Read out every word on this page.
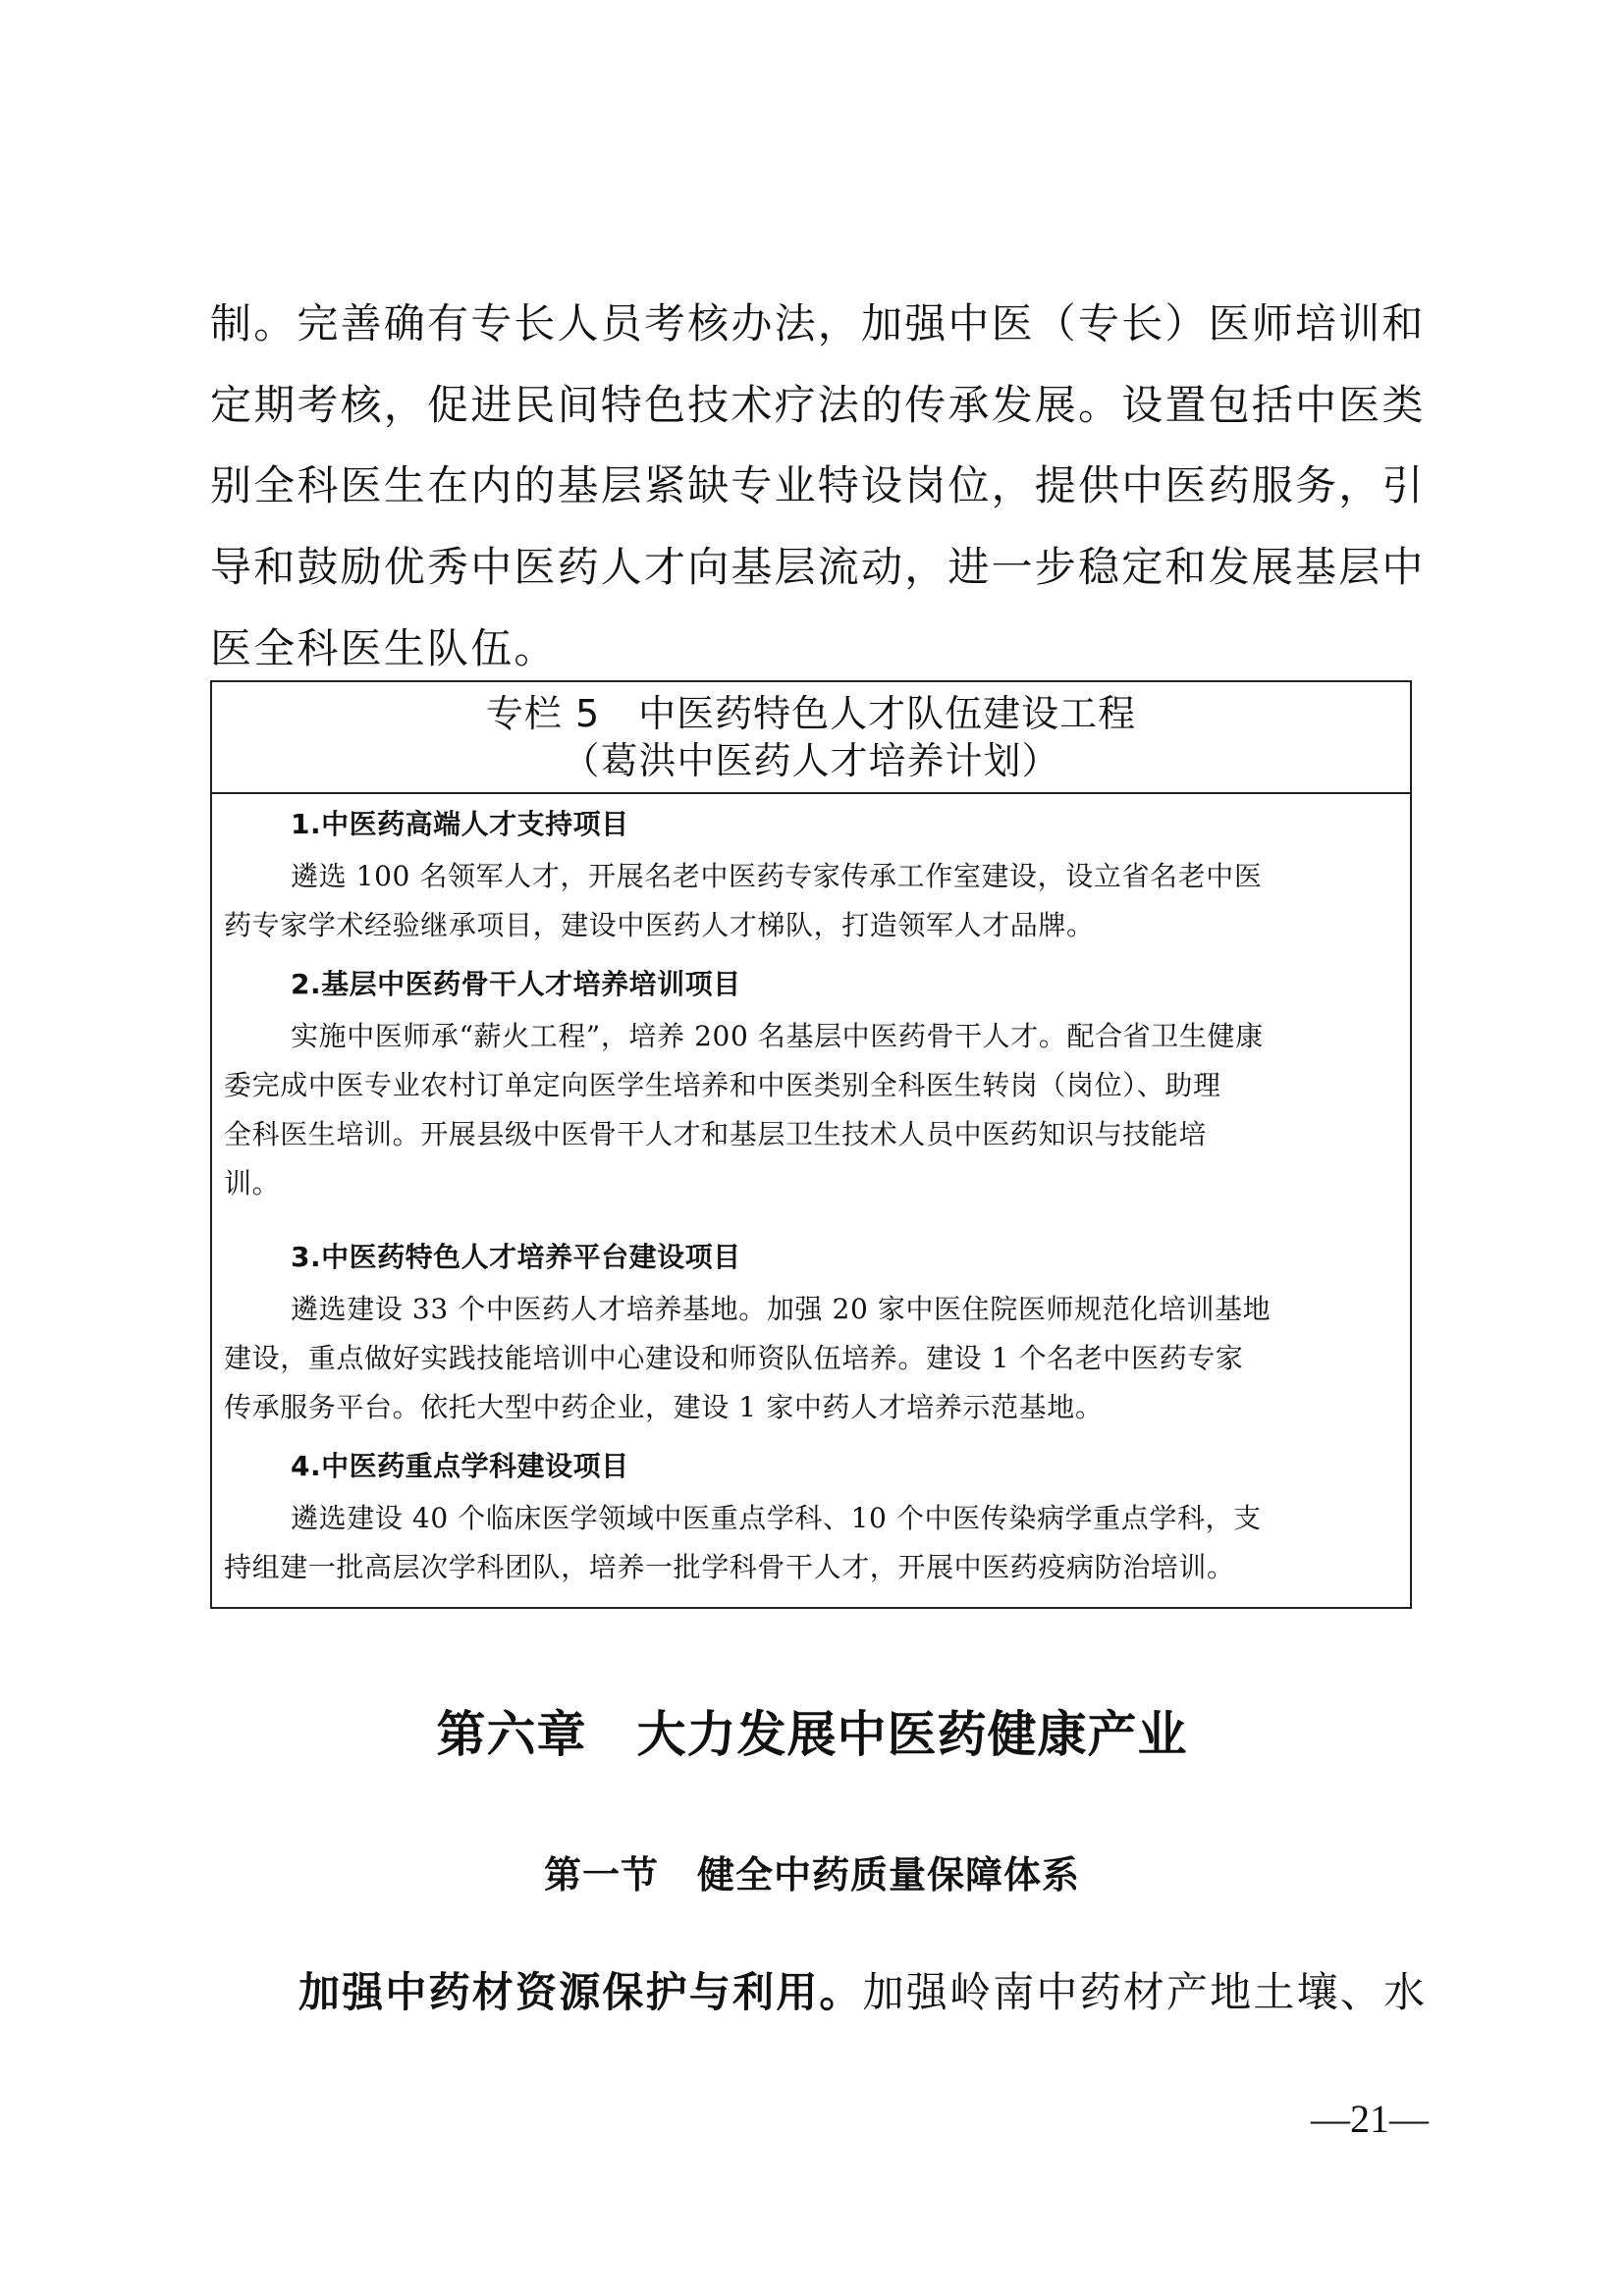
制。完善确有专长人员考核办法，加强中医（专长）医师培训和
定期考核，促进民间特色技术疗法的传承发展。设置包括中医类
别全科医生在内的基层紧缺专业特设岗位，提供中医药服务，引
导和鼓励优秀中医药人才向基层流动，进一步稳定和发展基层中
医全科医生队伍。
专栏 5　中医药特色人才队伍建设工程
（葛洪中医药人才培养计划）
1.中医药高端人才支持项目
遴选 100 名领军人才，开展名老中医药专家传承工作室建设，设立省名老中医
药专家学术经验继承项目，建设中医药人才梯队，打造领军人才品牌。
2.基层中医药骨干人才培养培训项目
实施中医师承“薪火工程”，培养 200 名基层中医药骨干人才。配合省卫生健康
委完成中医专业农村订单定向医学生培养和中医类别全科医生转岗（岗位）、助理
全科医生培训。开展县级中医骨干人才和基层卫生技术人员中医药知识与技能培
训。
3.中医药特色人才培养平台建设项目
遴选建设 33 个中医药人才培养基地。加强 20 家中医住院医师规范化培训基地
建设，重点做好实践技能培训中心建设和师资队伍培养。建设 1 个名老中医药专家
传承服务平台。依托大型中药企业，建设 1 家中药人才培养示范基地。
4.中医药重点学科建设项目
遴选建设 40 个临床医学领域中医重点学科、10 个中医传染病学重点学科，支
持组建一批高层次学科团队，培养一批学科骨干人才，开展中医药疫病防治培训。
第六章　大力发展中医药健康产业
第一节　健全中药质量保障体系
加强中药材资源保护与利用。加强岭南中药材产地土壤、水
—21—
